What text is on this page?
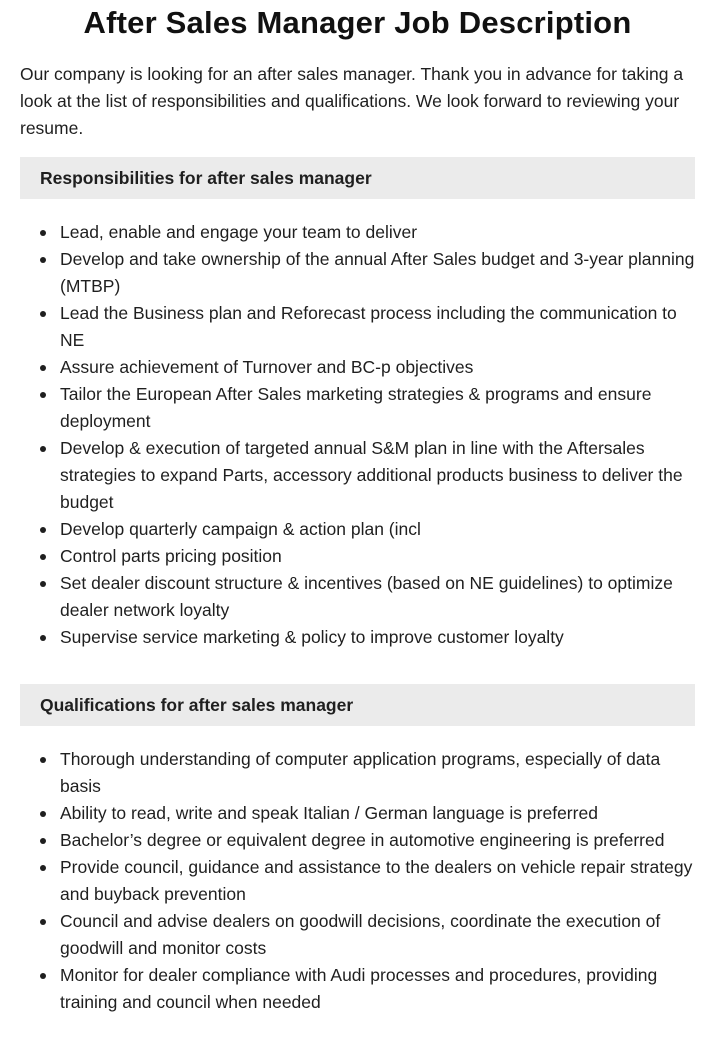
After Sales Manager Job Description

Our company is looking for an after sales manager. Thank you in advance for taking a look at the list of responsibilities and qualifications. We look forward to reviewing your resume.

Responsibilities for after sales manager
Lead, enable and engage your team to deliver
Develop and take ownership of the annual After Sales budget and 3-year planning (MTBP)
Lead the Business plan and Reforecast process including the communication to NE
Assure achievement of Turnover and BC-p objectives
Tailor the European After Sales marketing strategies & programs and ensure deployment
Develop & execution of targeted annual S&M plan in line with the Aftersales strategies to expand Parts, accessory additional products business to deliver the budget
Develop quarterly campaign & action plan (incl
Control parts pricing position
Set dealer discount structure & incentives (based on NE guidelines) to optimize dealer network loyalty
Supervise service marketing & policy to improve customer loyalty
Qualifications for after sales manager
Thorough understanding of computer application programs, especially of data basis
Ability to read, write and speak Italian / German language is preferred
Bachelor’s degree or equivalent degree in automotive engineering is preferred
Provide council, guidance and assistance to the dealers on vehicle repair strategy and buyback prevention
Council and advise dealers on goodwill decisions, coordinate the execution of goodwill and monitor costs
Monitor for dealer compliance with Audi processes and procedures, providing training and council when needed
